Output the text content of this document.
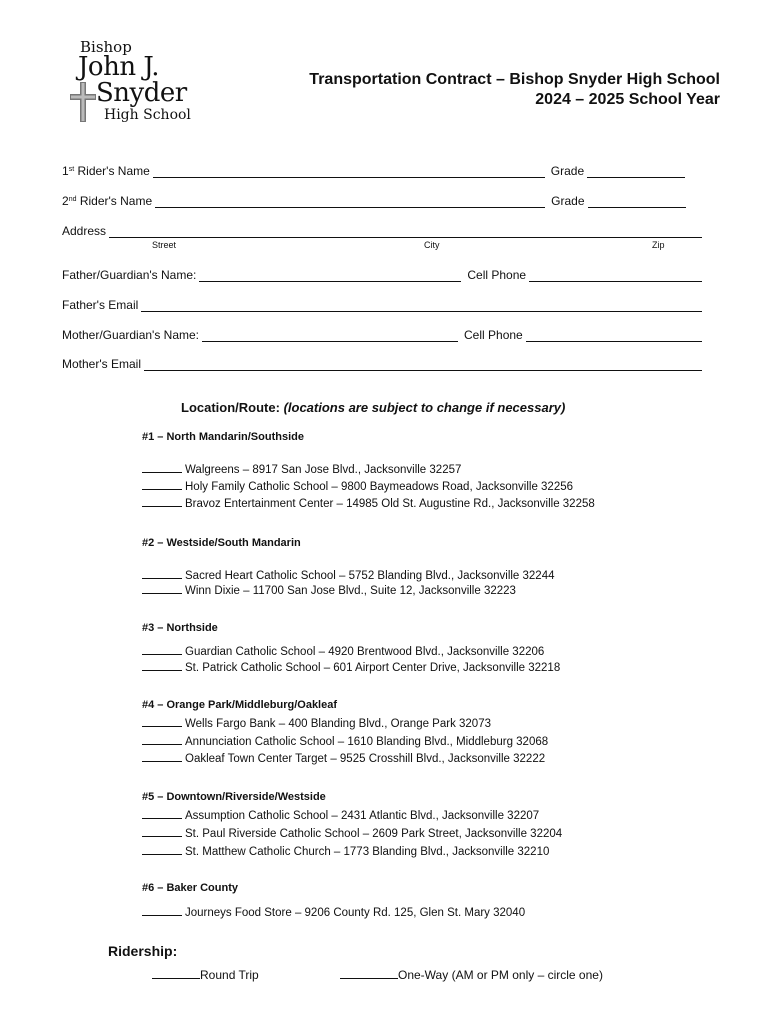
Bishop
John J.
Snyder
High School
Transportation Contract – Bishop Snyder High School
2024 – 2025 School Year
1 st
Rider's Name	Grade
2 nd
Rider's Name	Grade
Address
Street	City	Zip
Father/Guardian's Name:	Cell Phone
Father's Email
Mother/Guardian's Name:	Cell Phone
Mother's Email
Location/Route: (locations are subject to change if necessary)
#1 – North Mandarin/Southside
Walgreens – 8917 San Jose Blvd., Jacksonville 32257
Holy Family Catholic School – 9800 Baymeadows Road, Jacksonville 32256
Bravoz Entertainment Center – 14985 Old St. Augustine Rd., Jacksonville 32258
#2 – Westside/South Mandarin
Sacred Heart Catholic School – 5752 Blanding Blvd., Jacksonville 32244
Winn Dixie – 11700 San Jose Blvd., Suite 12, Jacksonville 32223
#3 – Northside
Guardian Catholic School – 4920 Brentwood Blvd., Jacksonville 32206
St. Patrick Catholic School – 601 Airport Center Drive, Jacksonville 32218
#4 – Orange Park/Middleburg/Oakleaf
Wells Fargo Bank – 400 Blanding Blvd., Orange Park 32073
Annunciation Catholic School – 1610 Blanding Blvd., Middleburg 32068
Oakleaf Town Center Target – 9525 Crosshill Blvd., Jacksonville 32222
#5 – Downtown/Riverside/Westside
Assumption Catholic School – 2431 Atlantic Blvd., Jacksonville 32207
St. Paul Riverside Catholic School – 2609 Park Street, Jacksonville 32204
St. Matthew Catholic Church – 1773 Blanding Blvd., Jacksonville 32210
#6 – Baker County
Journeys Food Store – 9206 County Rd. 125, Glen St. Mary 32040
Ridership:
Round Trip	One-Way (AM or PM only – circle one)
